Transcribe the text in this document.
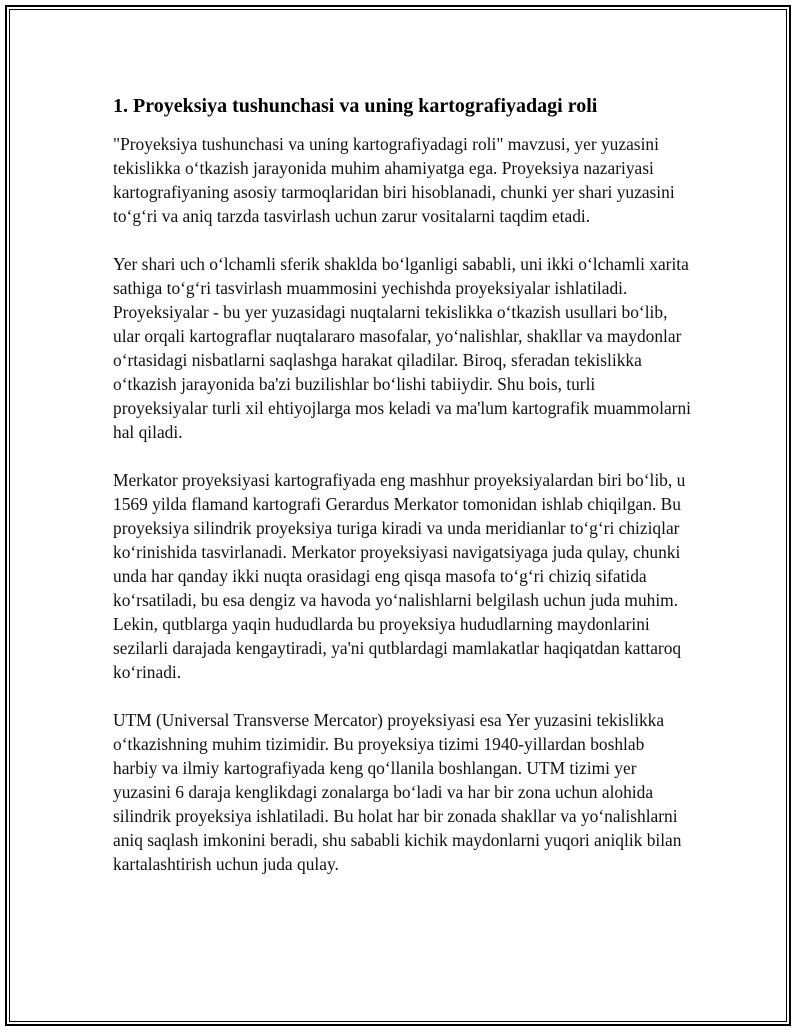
1. Proyeksiya tushunchasi va uning kartografiyadagi roli

"Proyeksiya tushunchasi va uning kartografiyadagi roli" mavzusi, yer yuzasini tekislikka oʻtkazish jarayonida muhim ahamiyatga ega. Proyeksiya nazariyasi kartografiyaning asosiy tarmoqlaridan biri hisoblanadi, chunki yer shari yuzasini toʻgʻri va aniq tarzda tasvirlash uchun zarur vositalarni taqdim etadi.

Yer shari uch oʻlchamli sferik shaklda boʻlganligi sababli, uni ikki oʻlchamli xarita sathiga toʻgʻri tasvirlash muammosini yechishda proyeksiyalar ishlatiladi. Proyeksiyalar - bu yer yuzasidagi nuqtalarni tekislikka oʻtkazish usullari boʻlib, ular orqali kartograflar nuqtalararo masofalar, yoʻnalishlar, shakllar va maydonlar oʻrtasidagi nisbatlarni saqlashga harakat qiladilar. Biroq, sferadan tekislikka oʻtkazish jarayonida ba'zi buzilishlar boʻlishi tabiiydir. Shu bois, turli proyeksiyalar turli xil ehtiyojlarga mos keladi va ma'lum kartografik muammolarni hal qiladi.

Merkator proyeksiyasi kartografiyada eng mashhur proyeksiyalardan biri boʻlib, u 1569 yilda flamand kartografi Gerardus Merkator tomonidan ishlab chiqilgan. Bu proyeksiya silindrik proyeksiya turiga kiradi va unda meridianlar toʻgʻri chiziqlar koʻrinishida tasvirlanadi. Merkator proyeksiyasi navigatsiyaga juda qulay, chunki unda har qanday ikki nuqta orasidagi eng qisqa masofa toʻgʻri chiziq sifatida koʻrsatiladi, bu esa dengiz va havoda yoʻnalishlarni belgilash uchun juda muhim. Lekin, qutblarga yaqin hududlarda bu proyeksiya hududlarning maydonlarini sezilarli darajada kengaytiradi, ya'ni qutblardagi mamlakatlar haqiqatdan kattaroq koʻrinadi.

UTM (Universal Transverse Mercator) proyeksiyasi esa Yer yuzasini tekislikka oʻtkazishning muhim tizimidir. Bu proyeksiya tizimi 1940-yillardan boshlab harbiy va ilmiy kartografiyada keng qoʻllanila boshlangan. UTM tizimi yer yuzasini 6 daraja kenglikdagi zonalarga boʻladi va har bir zona uchun alohida silindrik proyeksiya ishlatiladi. Bu holat har bir zonada shakllar va yoʻnalishlarni aniq saqlash imkonini beradi, shu sababli kichik maydonlarni yuqori aniqlik bilan kartalashtirish uchun juda qulay.
